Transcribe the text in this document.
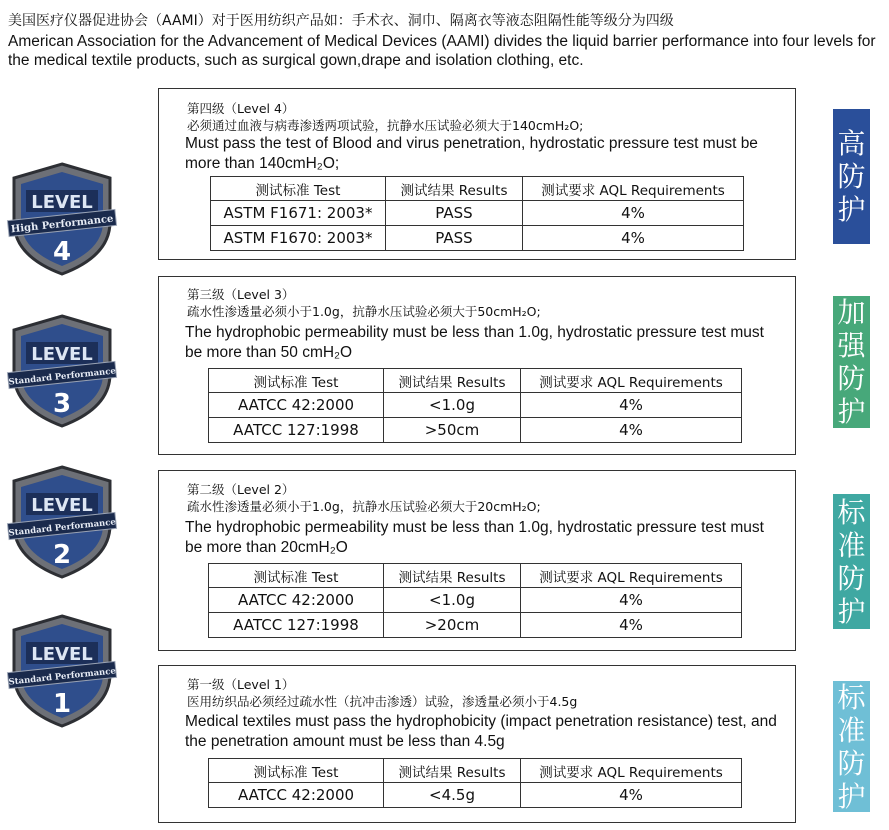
美国医疗仪器促进协会（AAMI）对于医用纺织产品如：手术衣、洞巾、隔离衣等液态阻隔性能等级分为四级
American Association for the Advancement of Medical Devices (AAMI) divides the liquid barrier performance into four levels for the medical textile products, such as surgical gown,drape and isolation clothing, etc.
第四级（Level 4）
必须通过血液与病毒渗透两项试验，抗静水压试验必须大于140cmH₂O;
Must pass the test of Blood and virus penetration, hydrostatic pressure test must be more than 140cmH₂O;
测试标准 Test	测试结果 Results	测试要求 AQL Requirements
ASTM F1671: 2003*	PASS	4%
ASTM F1670: 2003*	PASS	4%
第三级（Level 3）
疏水性渗透量必须小于1.0g，抗静水压试验必须大于50cmH₂O;
The hydrophobic permeability must be less than 1.0g, hydrostatic pressure test must be more than 50 cmH₂O
测试标准 Test	测试结果 Results	测试要求 AQL Requirements
AATCC 42:2000	<1.0g	4%
AATCC 127:1998	>50cm	4%
第二级（Level 2）
疏水性渗透量必须小于1.0g，抗静水压试验必须大于20cmH₂O;
The hydrophobic permeability must be less than 1.0g, hydrostatic pressure test must be more than 20cmH₂O
测试标准 Test	测试结果 Results	测试要求 AQL Requirements
AATCC 42:2000	<1.0g	4%
AATCC 127:1998	>20cm	4%
第一级（Level 1）
医用纺织品必须经过疏水性（抗冲击渗透）试验，渗透量必须小于4.5g
Medical textiles must pass the hydrophobicity (impact penetration resistance) test, and the penetration amount must be less than 4.5g
测试标准 Test	测试结果 Results	测试要求 AQL Requirements
AATCC 42:2000	<4.5g	4%
LEVEL
High Performance
4
LEVEL
Standard Performance
3
LEVEL
Standard Performance
2
LEVEL
Standard Performance
1
高
防
护
加
强
防
护
标
准
防
护
标
准
防
护
